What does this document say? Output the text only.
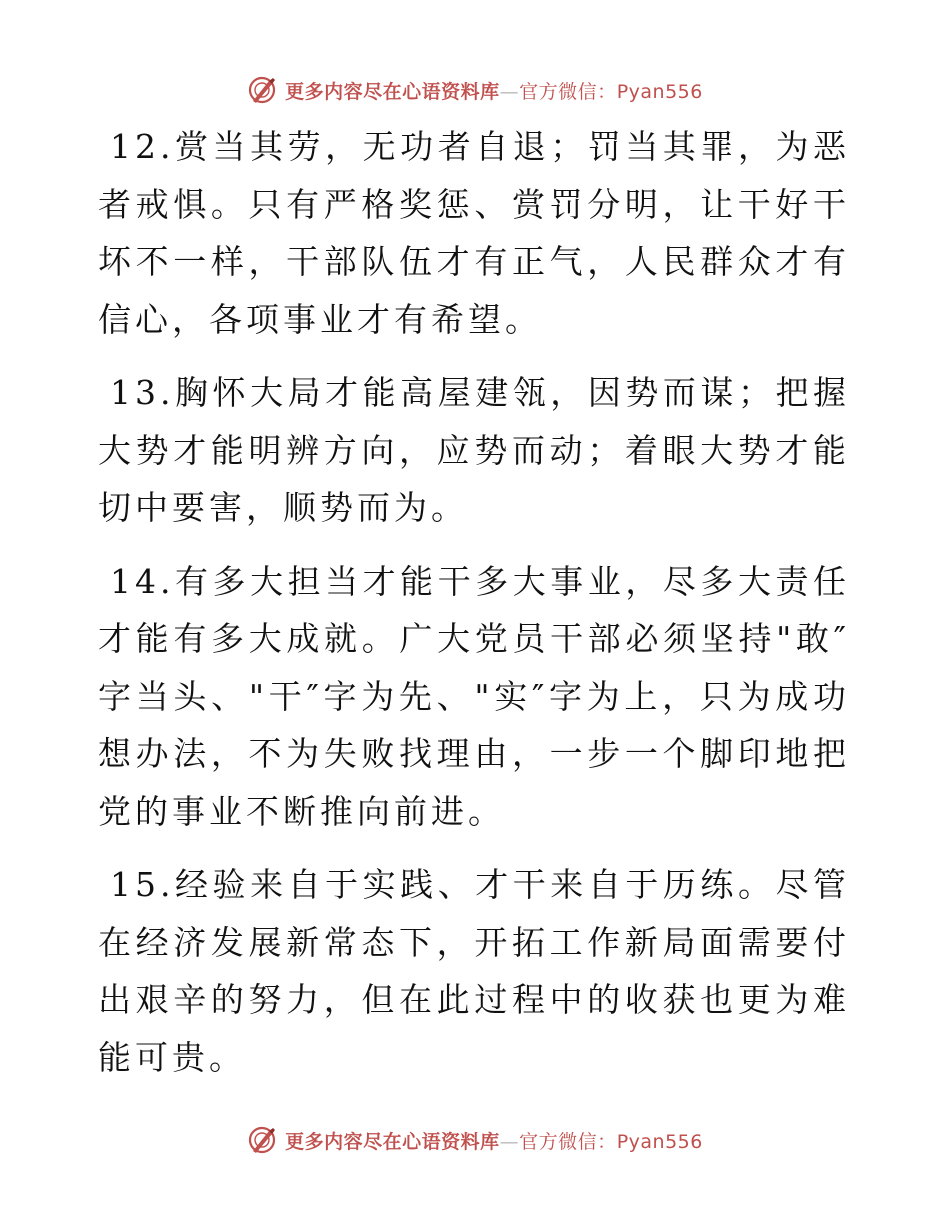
更多内容尽在心语资料库—官方微信：Pyan556

12.赏当其劳，无功者自退；罚当其罪，为恶者戒惧。只有严格奖惩、赏罚分明，让干好干坏不一样，干部队伍才有正气，人民群众才有信心，各项事业才有希望。

13.胸怀大局才能高屋建瓴，因势而谋；把握大势才能明辨方向，应势而动；着眼大势才能切中要害，顺势而为。

14.有多大担当才能干多大事业，尽多大责任才能有多大成就。广大党员干部必须坚持"敢″字当头、"干″字为先、"实″字为上，只为成功想办法，不为失败找理由，一步一个脚印地把党的事业不断推向前进。

15.经验来自于实践、才干来自于历练。尽管在经济发展新常态下，开拓工作新局面需要付出艰辛的努力，但在此过程中的收获也更为难能可贵。

更多内容尽在心语资料库—官方微信：Pyan556
